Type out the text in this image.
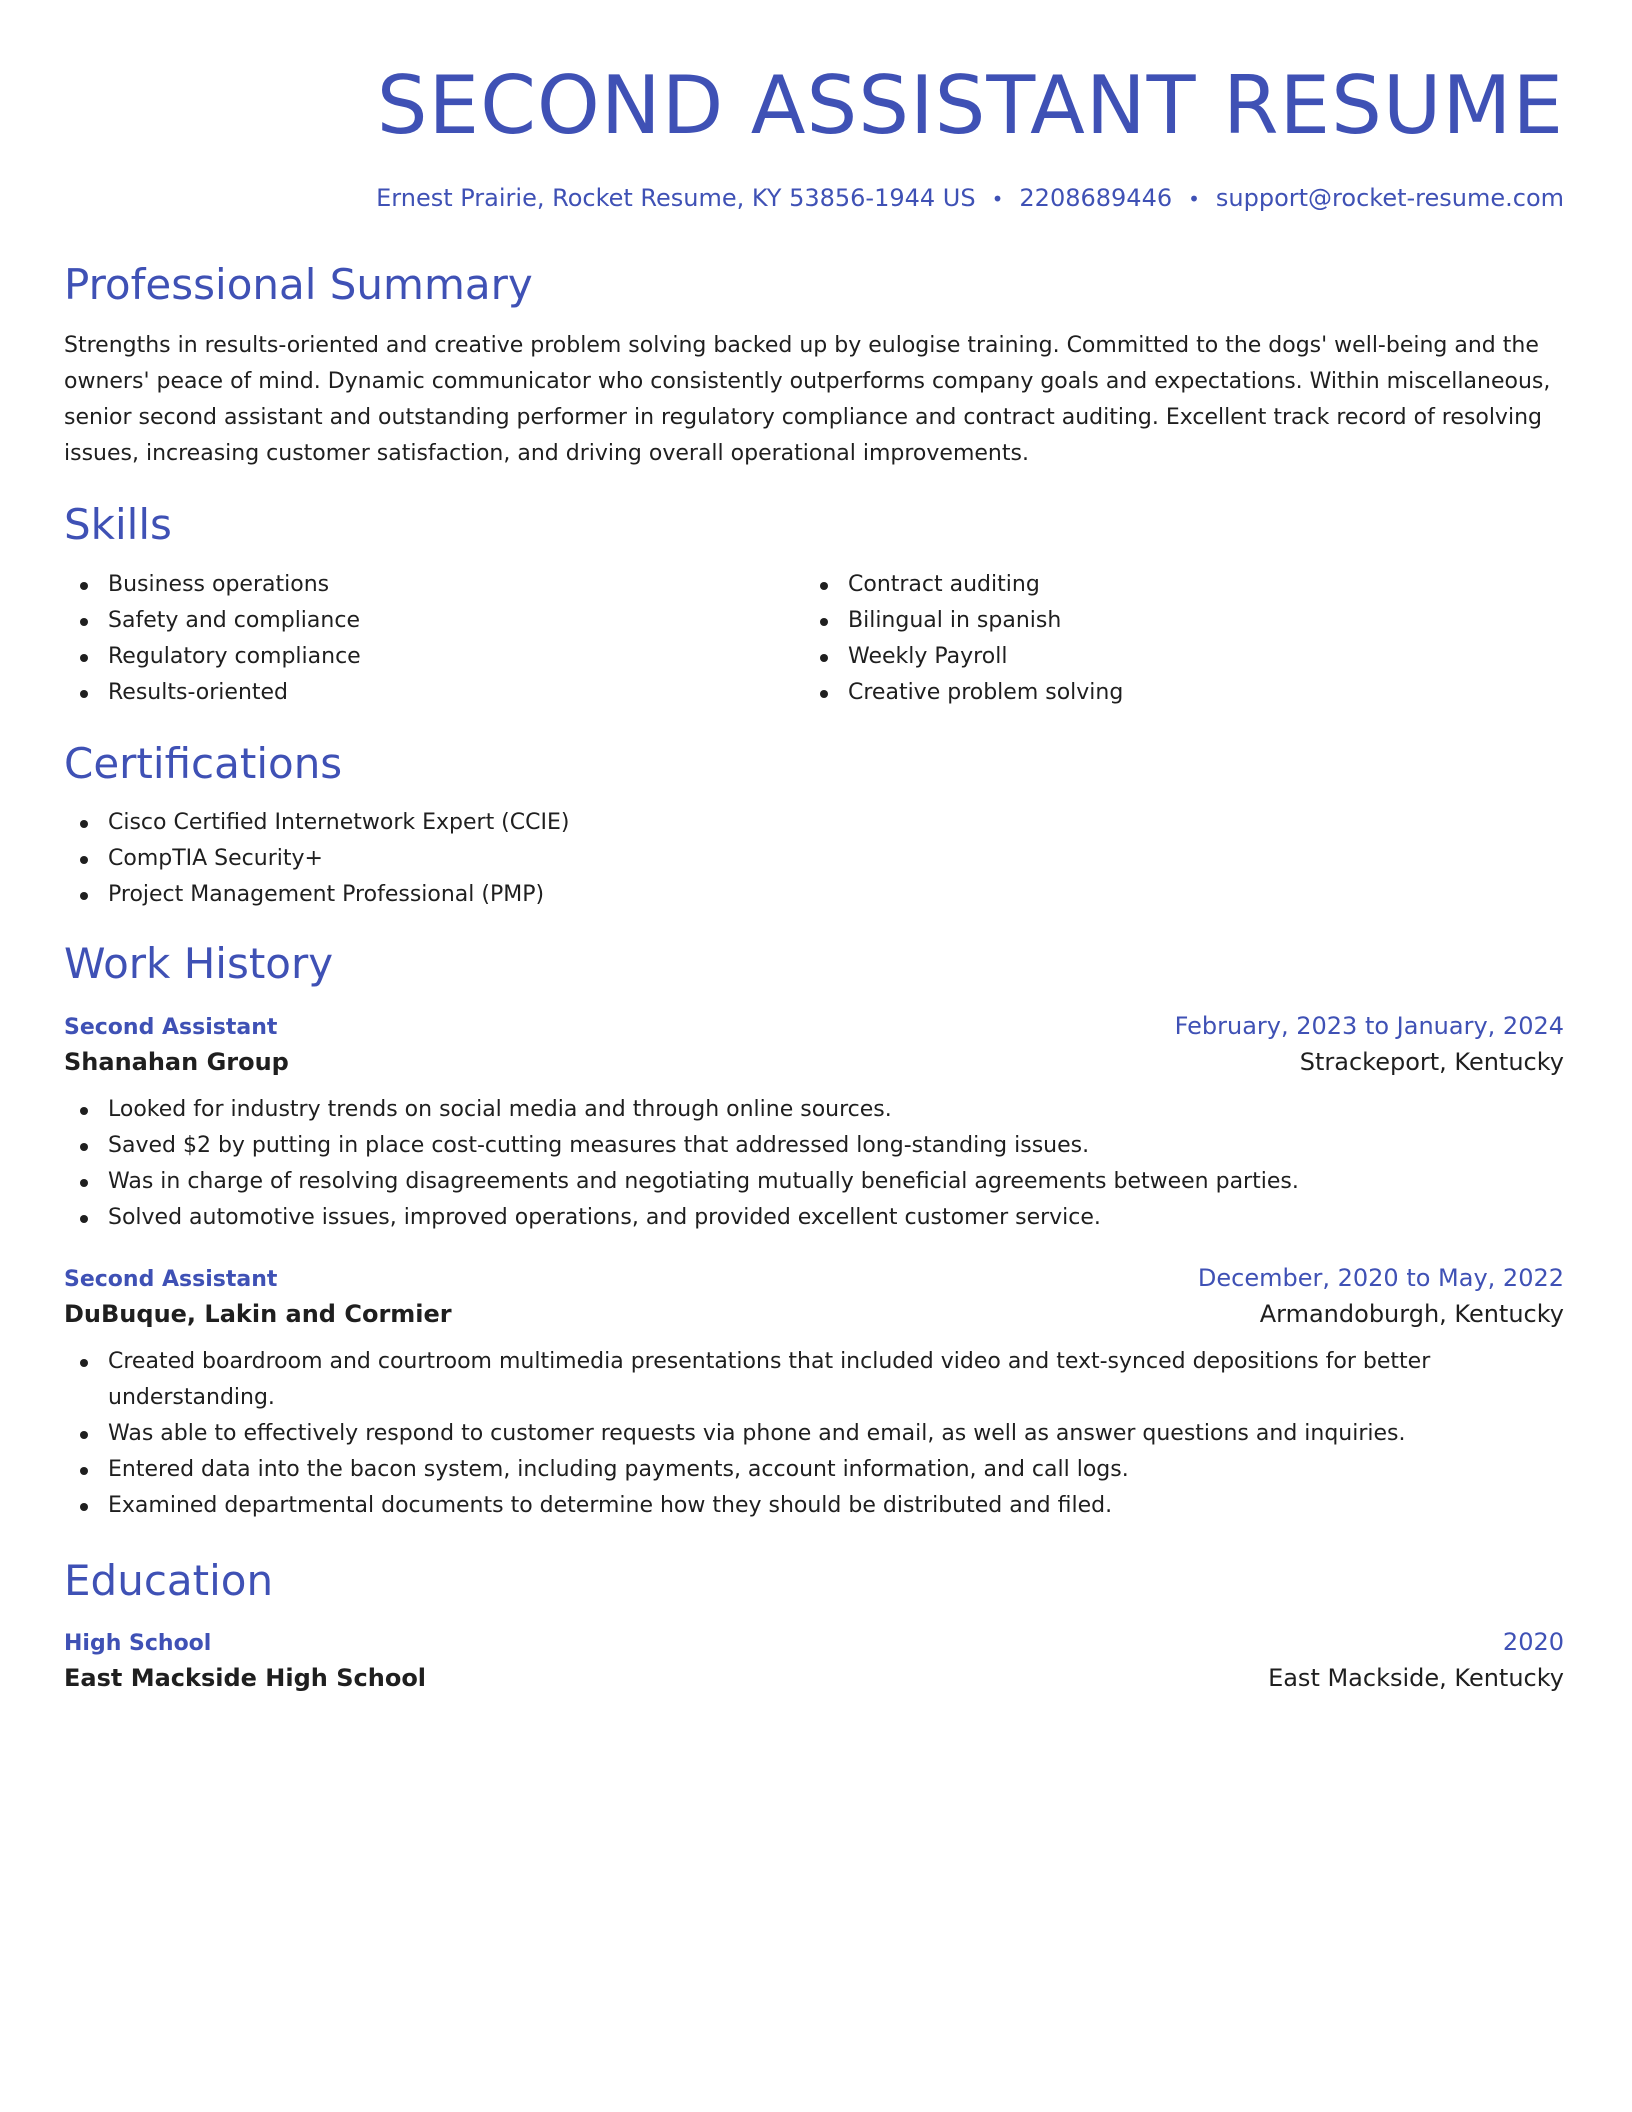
SECOND ASSISTANT RESUME
Ernest Prairie, Rocket Resume, KY 53856-1944 US • 2208689446 • support@rocket-resume.com
Professional Summary

Strengths in results-oriented and creative problem solving backed up by eulogise training. Committed to the dogs' well-being and the owners' peace of mind. Dynamic communicator who consistently outperforms company goals and expectations. Within miscellaneous, senior second assistant and outstanding performer in regulatory compliance and contract auditing. Excellent track record of resolving issues, increasing customer satisfaction, and driving overall operational improvements.

Skills
Business operations
Safety and compliance
Regulatory compliance
Results-oriented
Contract auditing
Bilingual in spanish
Weekly Payroll
Creative problem solving
Certifications
Cisco Certified Internetwork Expert (CCIE)
CompTIA Security+
Project Management Professional (PMP)
Work History
Second Assistant	February, 2023 to January, 2024
Shanahan Group	Strackeport, Kentucky
Looked for industry trends on social media and through online sources.
Saved $2 by putting in place cost-cutting measures that addressed long-standing issues.
Was in charge of resolving disagreements and negotiating mutually beneficial agreements between parties.
Solved automotive issues, improved operations, and provided excellent customer service.
Second Assistant	December, 2020 to May, 2022
DuBuque, Lakin and Cormier	Armandoburgh, Kentucky
Created boardroom and courtroom multimedia presentations that included video and text-synced depositions for better understanding.
Was able to effectively respond to customer requests via phone and email, as well as answer questions and inquiries.
Entered data into the bacon system, including payments, account information, and call logs.
Examined departmental documents to determine how they should be distributed and filed.
Education
High School	2020
East Mackside High School	East Mackside, Kentucky
